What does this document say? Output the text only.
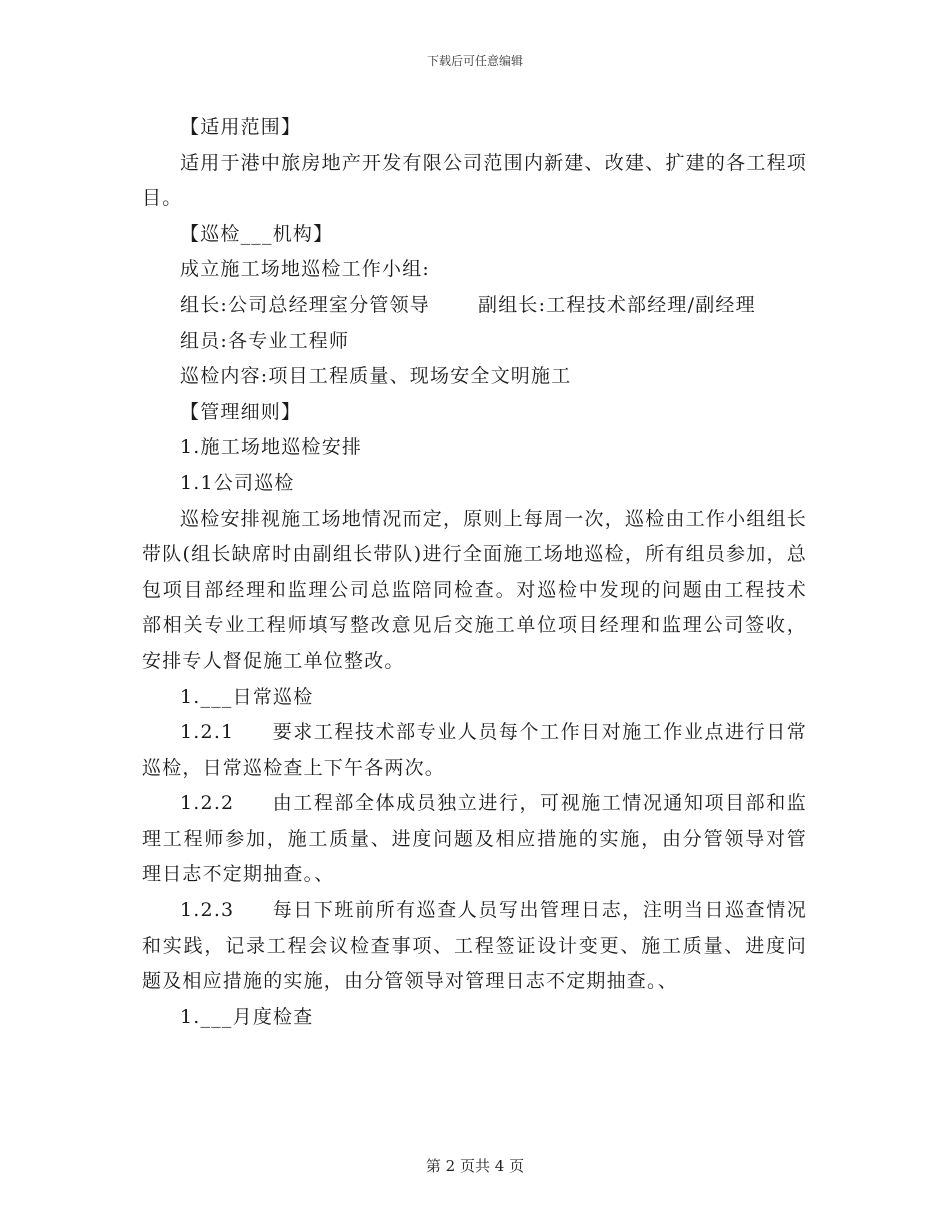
下载后可任意编辑

【适用范围】

适用于港中旅房地产开发有限公司范围内新建、改建、扩建的各工程项目。

【巡检___机构】

成立施工场地巡检工作小组:

组长:公司总经理室分管领导	副组长:工程技术部经理/副经理

组员:各专业工程师

巡检内容:项目工程质量、现场安全文明施工

【管理细则】

1.施工场地巡检安排

1.1公司巡检

巡检安排视施工场地情况而定，原则上每周一次，巡检由工作小组组长带队(组长缺席时由副组长带队)进行全面施工场地巡检，所有组员参加，总包项目部经理和监理公司总监陪同检查。对巡检中发现的问题由工程技术部相关专业工程师填写整改意见后交施工单位项目经理和监理公司签收，安排专人督促施工单位整改。

1.___日常巡检

1.2.1 要求工程技术部专业人员每个工作日对施工作业点进行日常巡检，日常巡检查上下午各两次。

1.2.2 由工程部全体成员独立进行，可视施工情况通知项目部和监理工程师参加，施工质量、进度问题及相应措施的实施，由分管领导对管理日志不定期抽查。、

1.2.3 每日下班前所有巡查人员写出管理日志，注明当日巡查情况和实践，记录工程会议检查事项、工程签证设计变更、施工质量、进度问题及相应措施的实施，由分管领导对管理日志不定期抽查。、

1.___月度检查

第 2 页共 4 页
